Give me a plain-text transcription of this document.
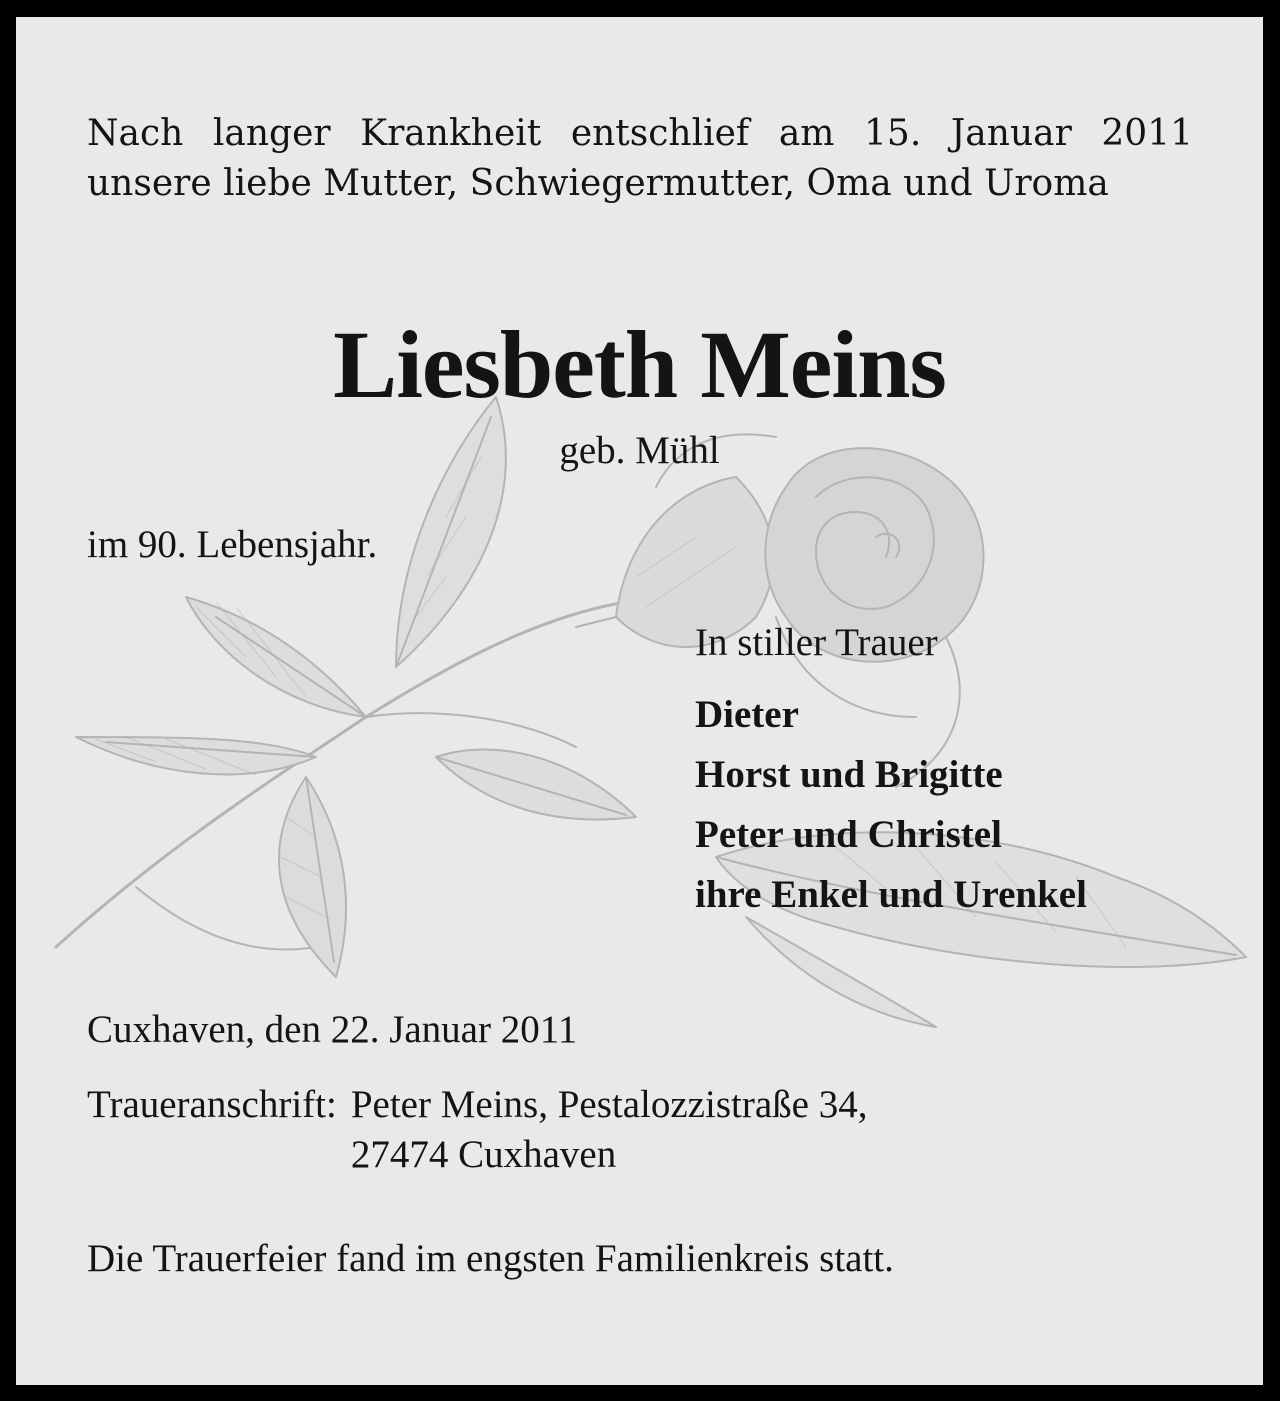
Nach langer Krankheit entschlief am 15. Januar 2011 unsere liebe Mutter, Schwiegermutter, Oma und Uroma

Liesbeth Meins

geb. Mühl

im 90. Lebensjahr.

In stiller Trauer
Dieter
Horst und Brigitte
Peter und Christel
ihre Enkel und Urenkel

Cuxhaven, den 22. Januar 2011

Traueranschrift: Peter Meins, Pestalozzistraße 34,
27474 Cuxhaven

Die Trauerfeier fand im engsten Familienkreis statt.
